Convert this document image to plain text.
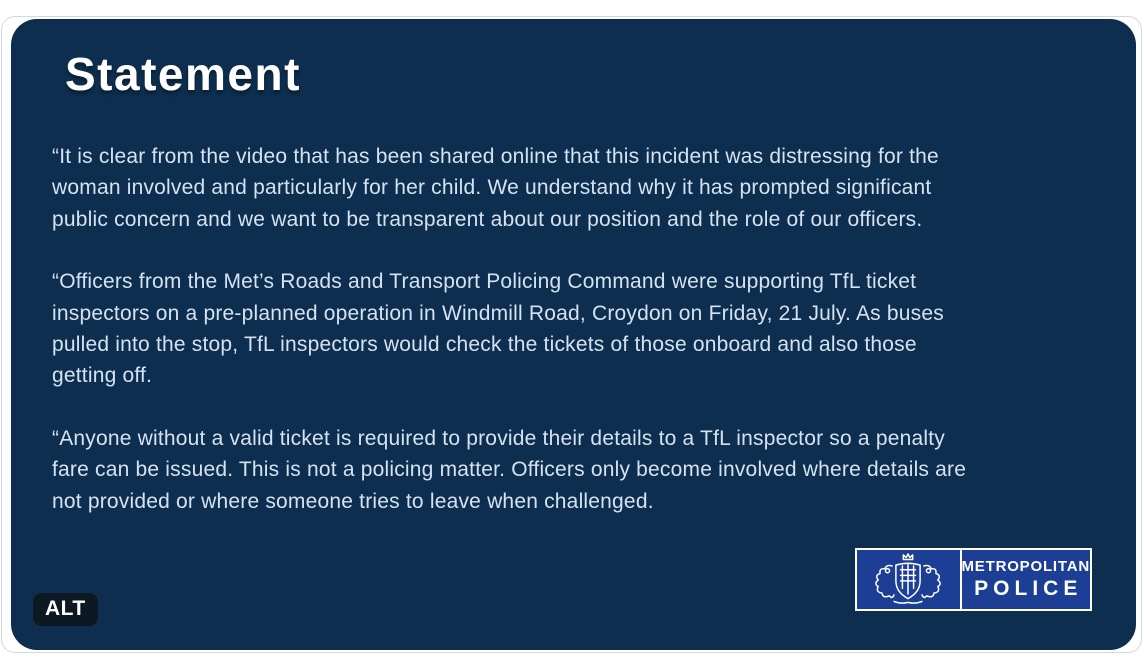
Statement

“It is clear from the video that has been shared online that this incident was distressing for the
woman involved and particularly for her child. We understand why it has prompted significant
public concern and we want to be transparent about our position and the role of our officers.

“Officers from the Met’s Roads and Transport Policing Command were supporting TfL ticket
inspectors on a pre-planned operation in Windmill Road, Croydon on Friday, 21 July. As buses
pulled into the stop, TfL inspectors would check the tickets of those onboard and also those
getting off.

“Anyone without a valid ticket is required to provide their details to a TfL inspector so a penalty
fare can be issued. This is not a policing matter. Officers only become involved where details are
not provided or where someone tries to leave when challenged.

METROPOLITAN
POLICE
ALT
